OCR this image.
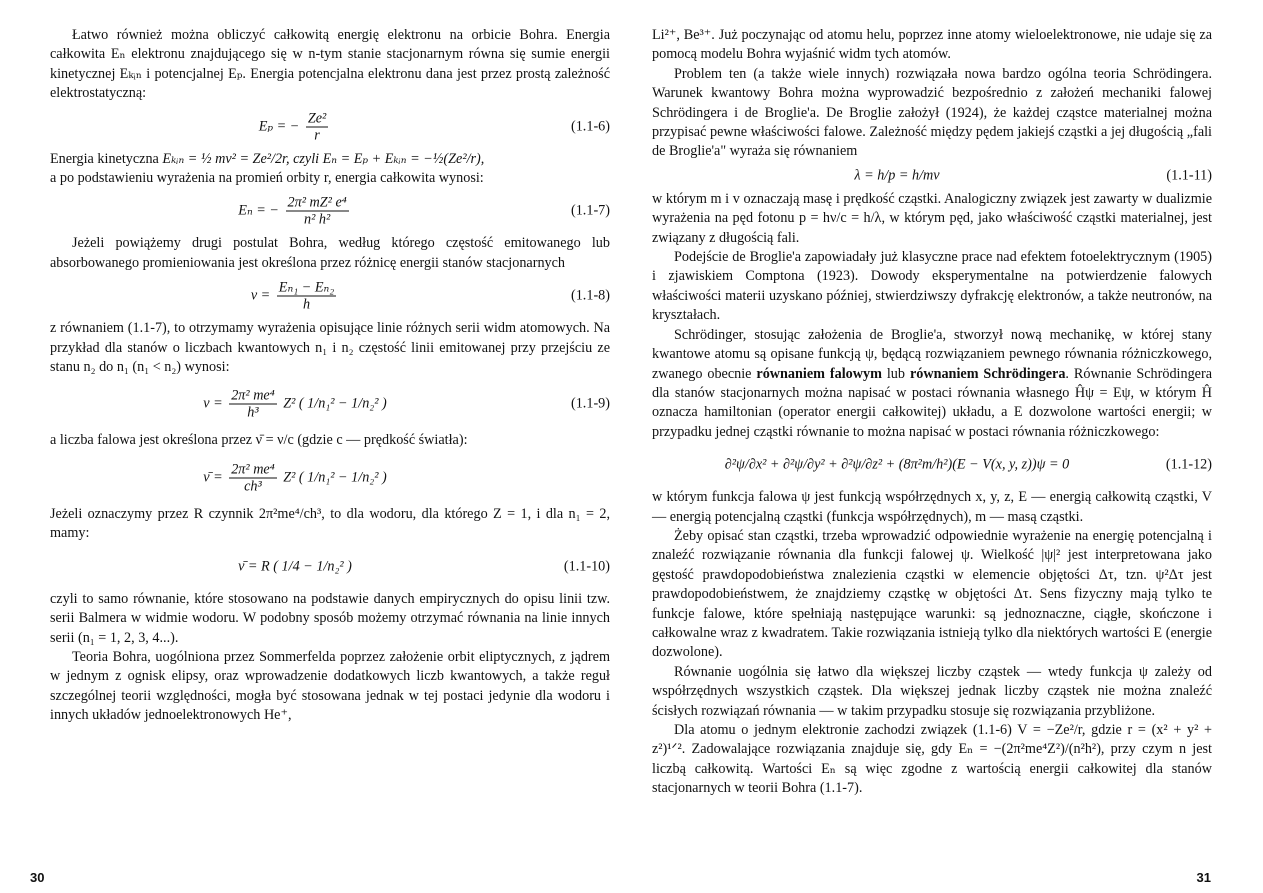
Łatwo również można obliczyć całkowitą energię elektronu na orbicie Bohra. Energia całkowita Eₙ elektronu znajdującego się w n-tym stanie stacjonarnym równa się sumie energii kinetycznej Eₖᵢₙ i potencjalnej Eₚ. Energia potencjalna elektronu dana jest przez prostą zależność elektrostatyczną:

Eₚ = − $\frac{\text{Ze²}}{r}$	(1.1-6)

Energia kinetyczna Eₖᵢₙ = ½ mv² = Ze²/2r, czyli Eₙ = Eₚ + Eₖᵢₙ = −½(Ze²/r),

a po podstawieniu wyrażenia na promień orbity r, energia całkowita wynosi:

Eₙ = − $\frac{\text{2π² mZ² e⁴}}{\text{n² h²}}$	(1.1-7)

Jeżeli powiążemy drugi postulat Bohra, według którego częstość emitowanego lub absorbowanego promieniowania jest określona przez różnicę energii stanów stacjonarnych

$\nu = \frac{\text{Eₙ₁ − Eₙ₂}}{h}$	(1.1-8)

z równaniem (1.1-7), to otrzymamy wyrażenia opisujące linie różnych serii widm atomowych. Na przykład dla stanów o liczbach kwantowych n₁ i n₂ częstość linii emitowanej przy przejściu ze stanu n₂ do n₁ (n₁ < n₂) wynosi:

$\nu = \frac{\text{2π² me⁴}}{\text{h³}} Z^2$ ( 1/n₁² − 1/n₂² )	(1.1-9)

a liczba falowa jest określona przez ν̄ = ν/c (gdzie c — prędkość światła):

ν̄ = $\frac{\text{2π² me⁴}}{\text{ch³}} Z^2$ ( 1/n₁² − 1/n₂² )

Jeżeli oznaczymy przez R czynnik 2π²me⁴/ch³, to dla wodoru, dla którego Z = 1, i dla n₁ = 2, mamy:

ν̄ = R ( 1/4 − 1/n₂² )	(1.1-10)

czyli to samo równanie, które stosowano na podstawie danych empirycznych do opisu linii tzw. serii Balmera w widmie wodoru. W podobny sposób możemy otrzymać równania na linie innych serii (n₁ = 1, 2, 3, 4...).

Teoria Bohra, uogólniona przez Sommerfelda poprzez założenie orbit eliptycznych, z jądrem w jednym z ognisk elipsy, oraz wprowadzenie dodatkowych liczb kwantowych, a także reguł szczególnej teorii względności, mogła być stosowana jednak w tej postaci jedynie dla wodoru i innych układów jednoelektronowych He⁺,

Li²⁺, Be³⁺. Już poczynając od atomu helu, poprzez inne atomy wieloelektronowe, nie udaje się za pomocą modelu Bohra wyjaśnić widm tych atomów.

Problem ten (a także wiele innych) rozwiązała nowa bardzo ogólna teoria Schrödingera. Warunek kwantowy Bohra można wyprowadzić bezpośrednio z założeń mechaniki falowej Schrödingera i de Broglie'a. De Broglie założył (1924), że każdej cząstce materialnej można przypisać pewne właściwości falowe. Zależność między pędem jakiejś cząstki a jej długością „fali de Broglie'a" wyraża się równaniem

λ = h/p = h/mv	(1.1-11)

w którym m i v oznaczają masę i prędkość cząstki. Analogiczny związek jest zawarty w dualizmie wyrażenia na pęd fotonu p = hν/c = h/λ, w którym pęd, jako właściwość cząstki materialnej, jest związany z długością fali.

Podejście de Broglie'a zapowiadały już klasyczne prace nad efektem fotoelektrycznym (1905) i zjawiskiem Comptona (1923). Dowody eksperymentalne na potwierdzenie falowych właściwości materii uzyskano później, stwierdziwszy dyfrakcję elektronów, a także neutronów, na kryształach.

Schrödinger, stosując założenia de Broglie'a, stworzył nową mechanikę, w której stany kwantowe atomu są opisane funkcją ψ, będącą rozwiązaniem pewnego równania różniczkowego, zwanego obecnie równaniem falowym lub równaniem Schrödingera. Równanie Schrödingera dla stanów stacjonarnych można napisać w postaci równania własnego Ĥψ = Eψ, w którym Ĥ oznacza hamiltonian (operator energii całkowitej) układu, a E dozwolone wartości energii; w przypadku jednej cząstki równanie to można napisać w postaci równania różniczkowego:

∂²ψ/∂x² + ∂²ψ/∂y² + ∂²ψ/∂z² + (8π²m/h²)(E − V(x, y, z))ψ = 0	(1.1-12)

w którym funkcja falowa ψ jest funkcją współrzędnych x, y, z, E — energią całkowitą cząstki, V — energią potencjalną cząstki (funkcja współrzędnych), m — masą cząstki.

Żeby opisać stan cząstki, trzeba wprowadzić odpowiednie wyrażenie na energię potencjalną i znaleźć rozwiązanie równania dla funkcji falowej ψ. Wielkość |ψ|² jest interpretowana jako gęstość prawdopodobieństwa znalezienia cząstki w elemencie objętości Δτ, tzn. ψ²Δτ jest prawdopodobieństwem, że znajdziemy cząstkę w objętości Δτ. Sens fizyczny mają tylko te funkcje falowe, które spełniają następujące warunki: są jednoznaczne, ciągłe, skończone i całkowalne wraz z kwadratem. Takie rozwiązania istnieją tylko dla niektórych wartości E (energie dozwolone).

Równanie uogólnia się łatwo dla większej liczby cząstek — wtedy funkcja ψ zależy od współrzędnych wszystkich cząstek. Dla większej jednak liczby cząstek nie można znaleźć ścisłych rozwiązań równania — w takim przypadku stosuje się rozwiązania przybliżone.

Dla atomu o jednym elektronie zachodzi związek (1.1-6) V = −Ze²/r, gdzie r = (x² + y² + z²)¹ᐟ². Zadowalające rozwiązania znajduje się, gdy Eₙ = −(2π²me⁴Z²)/(n²h²), przy czym n jest liczbą całkowitą. Wartości Eₙ są więc zgodne z wartością energii całkowitej dla stanów stacjonarnych w teorii Bohra (1.1-7).

30	31
